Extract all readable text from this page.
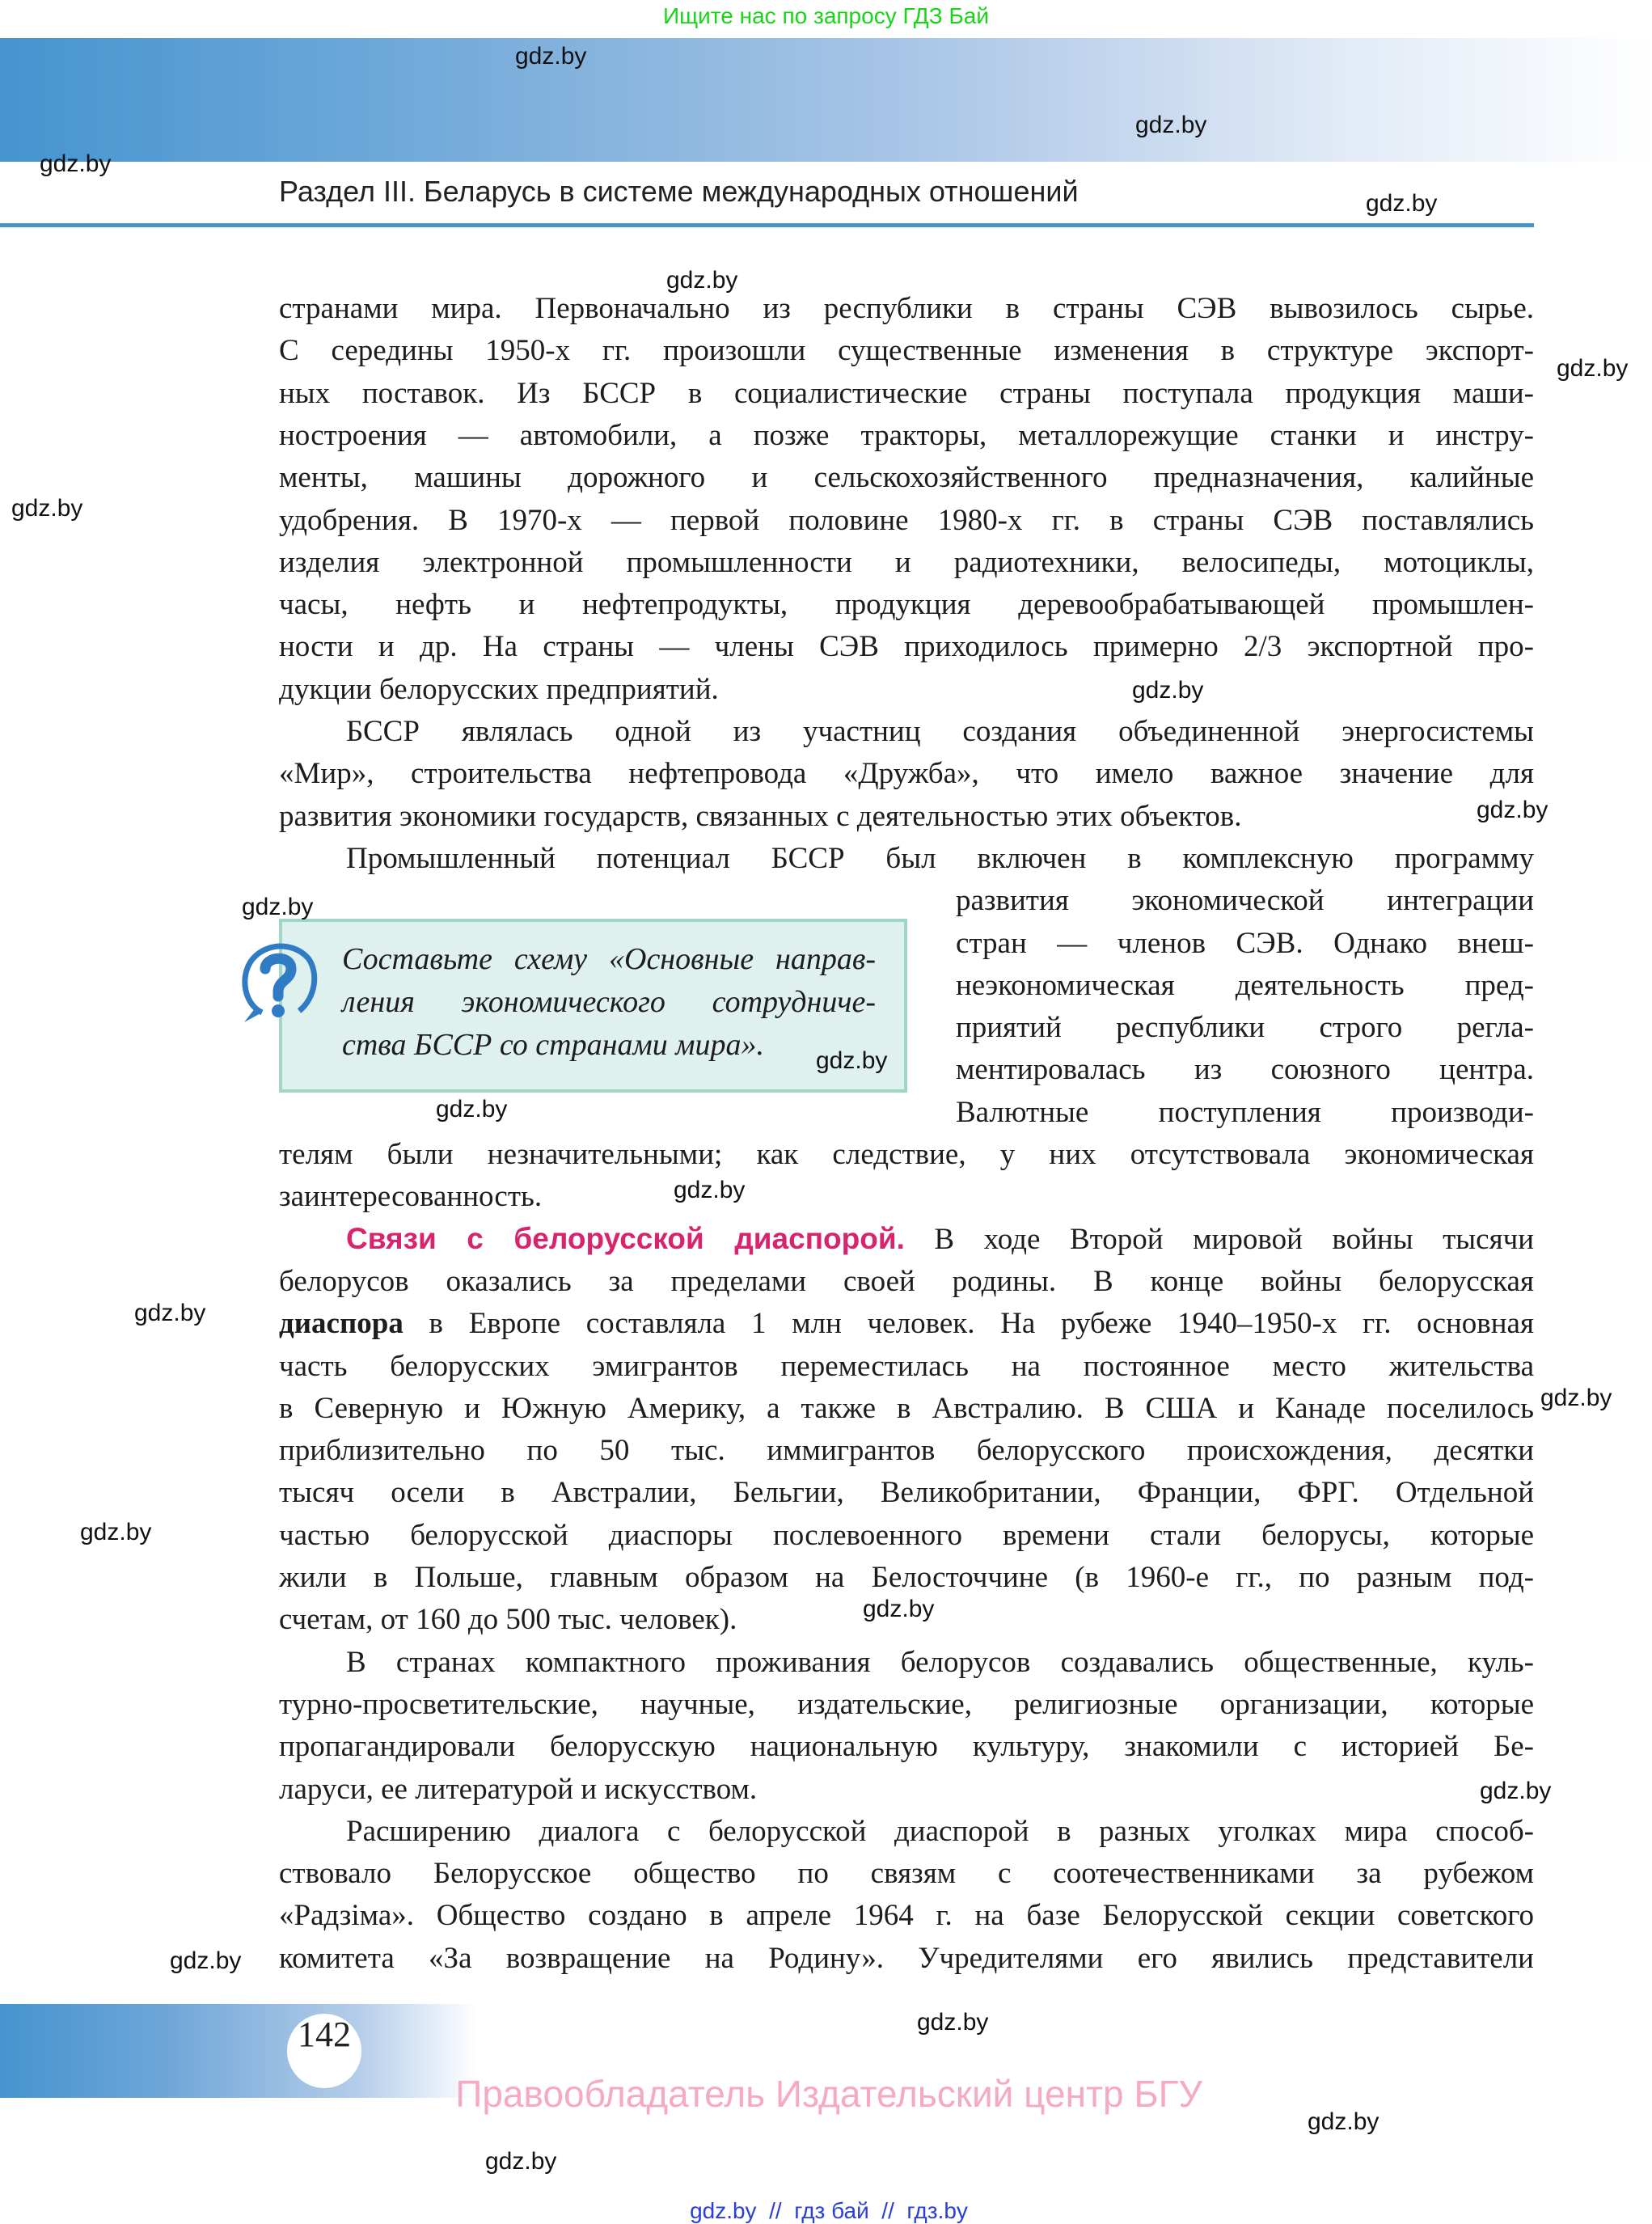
Ищите нас по запросу ГДЗ Бай
Раздел III. Беларусь в системе международных отношений
странами мира. Первоначально из республики в страны СЭВ вывозилось сырье.
С середины 1950-х гг. произошли существенные изменения в структуре экспорт-
ных поставок. Из БССР в социалистические страны поступала продукция маши-
ностроения — автомобили, а позже тракторы, металлорежущие станки и инстру-
менты, машины дорожного и сельскохозяйственного предназначения, калийные
удобрения. В 1970-х — первой половине 1980-х гг. в страны СЭВ поставлялись
изделия электронной промышленности и радиотехники, велосипеды, мотоциклы,
часы, нефть и нефтепродукты, продукция деревообрабатывающей промышлен-
ности и др. На страны — члены СЭВ приходилось примерно 2/3 экспортной про-
дукции белорусских предприятий.
БССР являлась одной из участниц создания объединенной энергосистемы
«Мир», строительства нефтепровода «Дружба», что имело важное значение для
развития экономики государств, связанных с деятельностью этих объектов.
Промышленный потенциал БССР был включен в комплексную программу
развития экономической интеграции
стран — членов СЭВ. Однако внеш-
неэкономическая деятельность пред-
приятий республики строго регла-
ментировалась из союзного центра.
Валютные поступления производи-
телям были незначительными; как следствие, у них отсутствовала экономическая
заинтересованность.
Связи с белорусской диаспорой. В ходе Второй мировой войны тысячи
белорусов оказались за пределами своей родины. В конце войны белорусская
диаспора в Европе составляла 1 млн человек. На рубеже 1940–1950-х гг. основная
часть белорусских эмигрантов переместилась на постоянное место жительства
в Северную и Южную Америку, а также в Австралию. В США и Канаде поселилось
приблизительно по 50 тыс. иммигрантов белорусского происхождения, десятки
тысяч осели в Австралии, Бельгии, Великобритании, Франции, ФРГ. Отдельной
частью белорусской диаспоры послевоенного времени стали белорусы, которые
жили в Польше, главным образом на Белосточчине (в 1960-е гг., по разным под-
счетам, от 160 до 500 тыс. человек).
В странах компактного проживания белорусов создавались общественные, куль-
турно-просветительские, научные, издательские, религиозные организации, которые
пропагандировали белорусскую национальную культуру, знакомили с историей Бе-
ларуси, ее литературой и искусством.
Расширению диалога с белорусской диаспорой в разных уголках мира способ-
ствовало Белорусское общество по связям с соотечественниками за рубежом
«Радзіма». Общество создано в апреле 1964 г. на базе Белорусской секции советского
комитета «За возвращение на Родину». Учредителями его явились представители
Составьте схему «Основные направ-
ления экономического сотрудниче-
ства БССР со странами мира».
142
Правообладатель Издательский центр БГУ
gdz.by  //  гдз бай  //  гдз.by
gdz.by
gdz.by
gdz.by
gdz.by
gdz.by
gdz.by
gdz.by
gdz.by
gdz.by
gdz.by
gdz.by
gdz.by
gdz.by
gdz.by
gdz.by
gdz.by
gdz.by
gdz.by
gdz.by
gdz.by
gdz.by
gdz.by
